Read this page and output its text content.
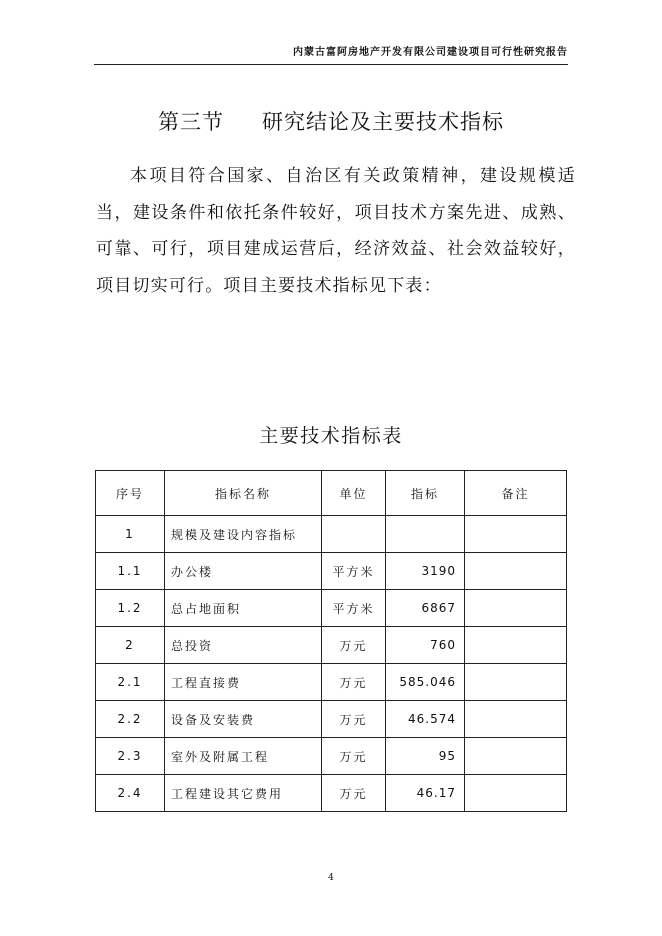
内蒙古富阿房地产开发有限公司建设项目可行性研究报告
第三节 研究结论及主要技术指标

本项目符合国家、自治区有关政策精神，建设规模适当，建设条件和依托条件较好，项目技术方案先进、成熟、可靠、可行，项目建成运营后，经济效益、社会效益较好，项目切实可行。项目主要技术指标见下表：

主要技术指标表
序号	指标名称	单位	指标	备注
1	规模及建设内容指标			
1.1	办公楼	平方米	3190	
1.2	总占地面积	平方米	6867	
2	总投资	万元	760	
2.1	工程直接费	万元	585.046	
2.2	设备及安装费	万元	46.574	
2.3	室外及附属工程	万元	95	
2.4	工程建设其它费用	万元	46.17	
4
